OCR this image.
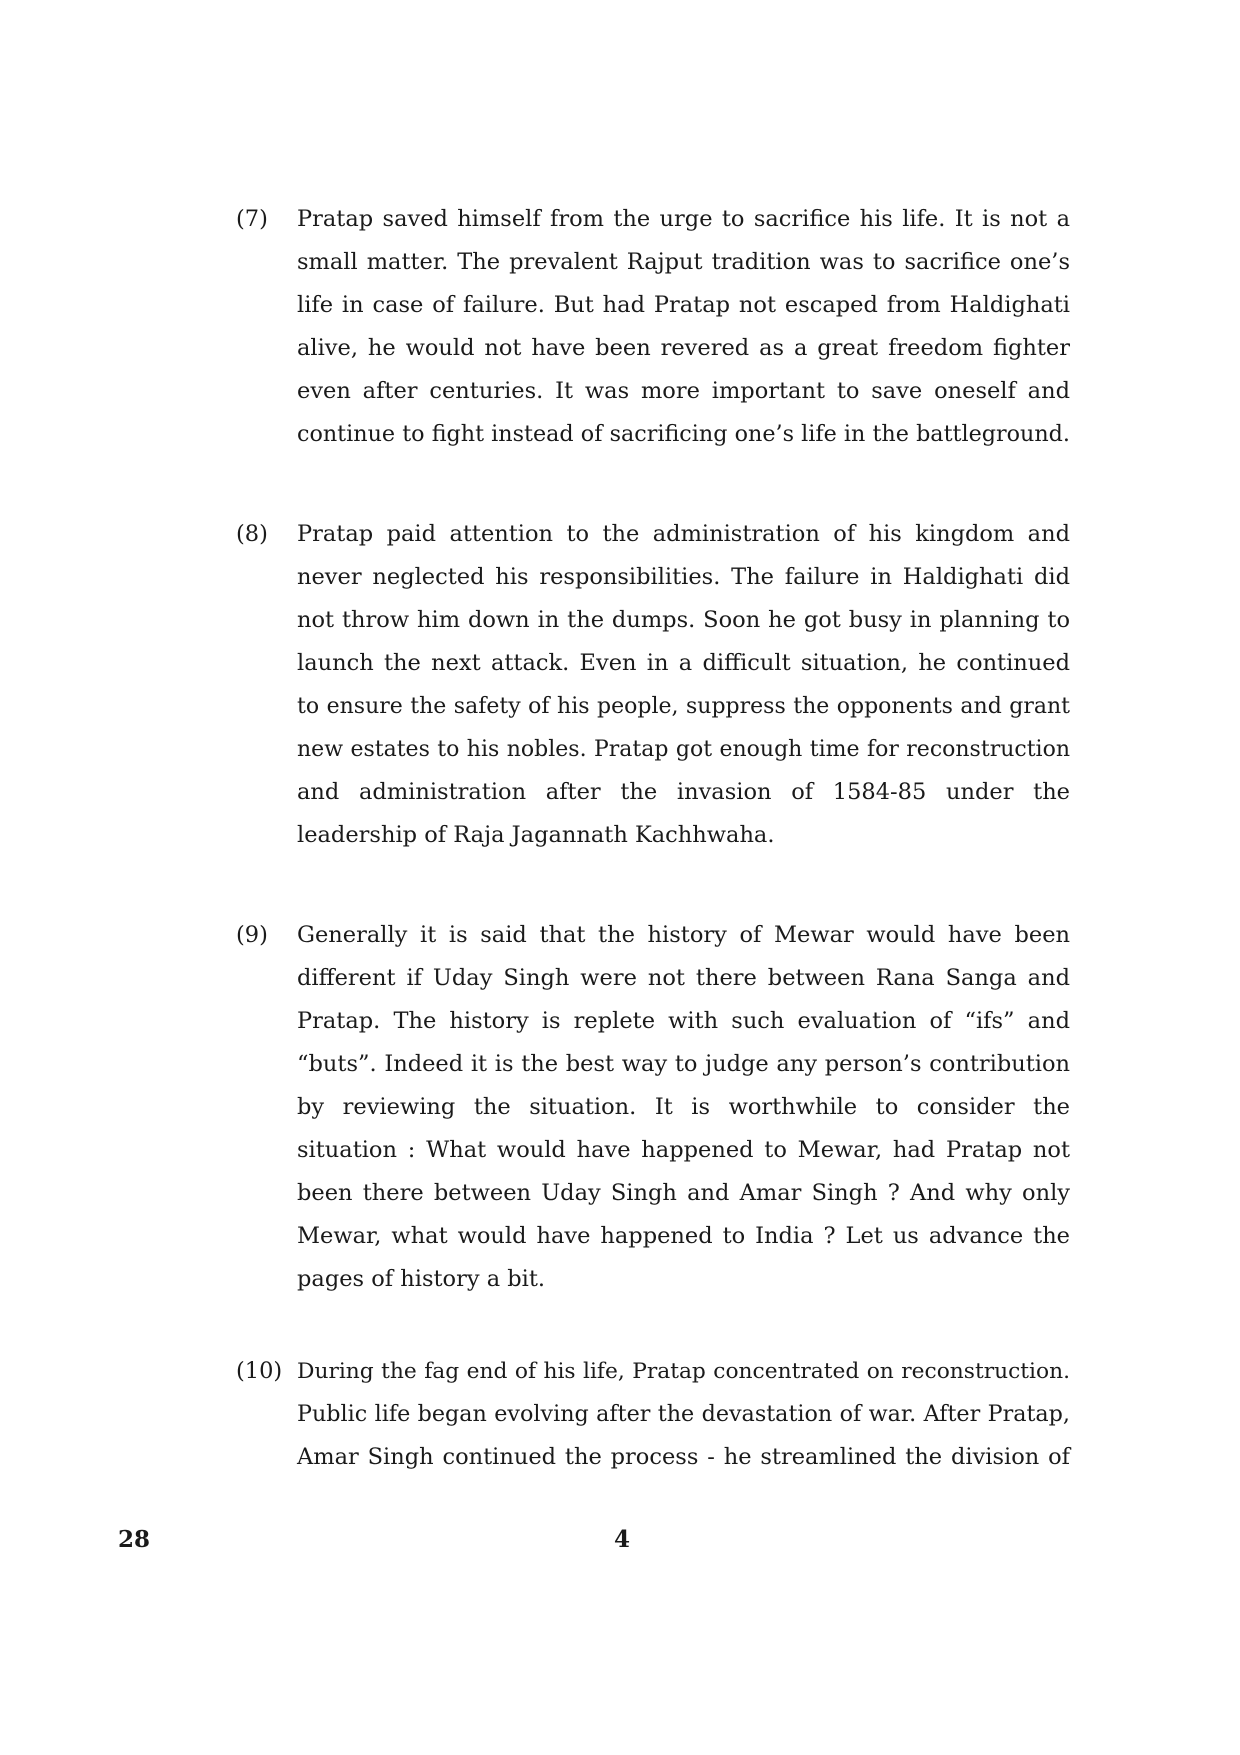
(7)	Pratap saved himself from the urge to sacrifice his life. It is not a
small matter. The prevalent Rajput tradition was to sacrifice one’s
life in case of failure. But had Pratap not escaped from Haldighati
alive, he would not have been revered as a great freedom fighter
even after centuries. It was more important to save oneself and
continue to fight instead of sacrificing one’s life in the battleground.
(8)	Pratap paid attention to the administration of his kingdom and
never neglected his responsibilities. The failure in Haldighati did
not throw him down in the dumps. Soon he got busy in planning to
launch the next attack. Even in a difficult situation, he continued
to ensure the safety of his people, suppress the opponents and grant
new estates to his nobles. Pratap got enough time for reconstruction
and administration after the invasion of 1584-85 under the
leadership of Raja Jagannath Kachhwaha.
(9)	Generally it is said that the history of Mewar would have been
different if Uday Singh were not there between Rana Sanga and
Pratap. The history is replete with such evaluation of “ifs” and
“buts”. Indeed it is the best way to judge any person’s contribution
by reviewing the situation. It is worthwhile to consider the
situation : What would have happened to Mewar, had Pratap not
been there between Uday Singh and Amar Singh ? And why only
Mewar, what would have happened to India ? Let us advance the
pages of history a bit.
(10) During the fag end of his life, Pratap concentrated on reconstruction.
Public life began evolving after the devastation of war. After Pratap,
Amar Singh continued the process - he streamlined the division of
28	4
